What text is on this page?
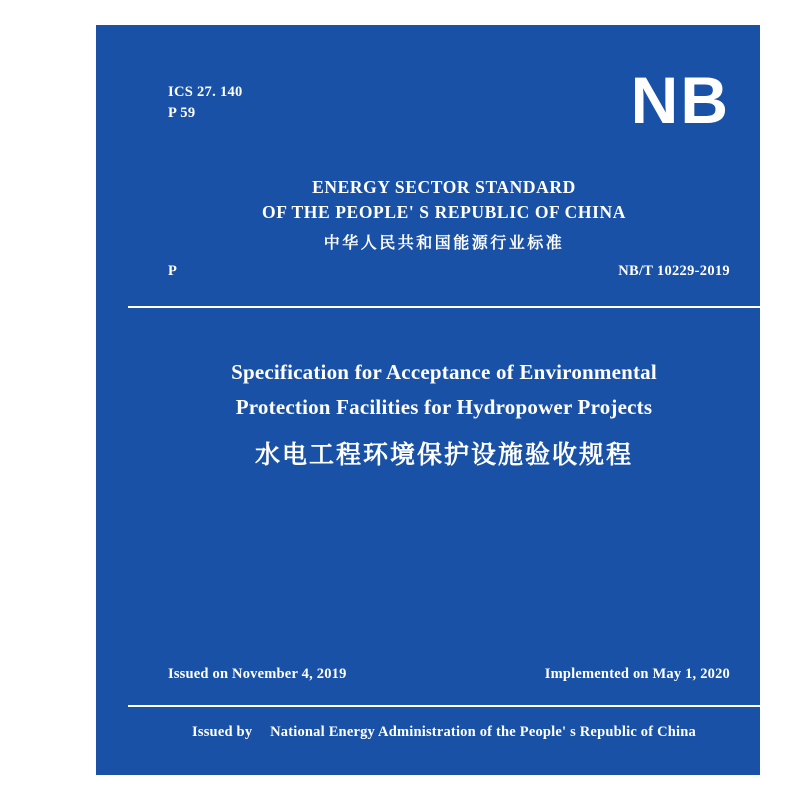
ICS 27. 140
P 59	NB
ENERGY SECTOR STANDARD
OF THE PEOPLE' S REPUBLIC OF CHINA
中华人民共和国能源行业标准
P	NB/T 10229-2019
Specification for Acceptance of Environmental
Protection Facilities for Hydropower Projects
水电工程环境保护设施验收规程
Issued on November 4, 2019	Implemented on May 1, 2020
Issued by National Energy Administration of the People' s Republic of China
